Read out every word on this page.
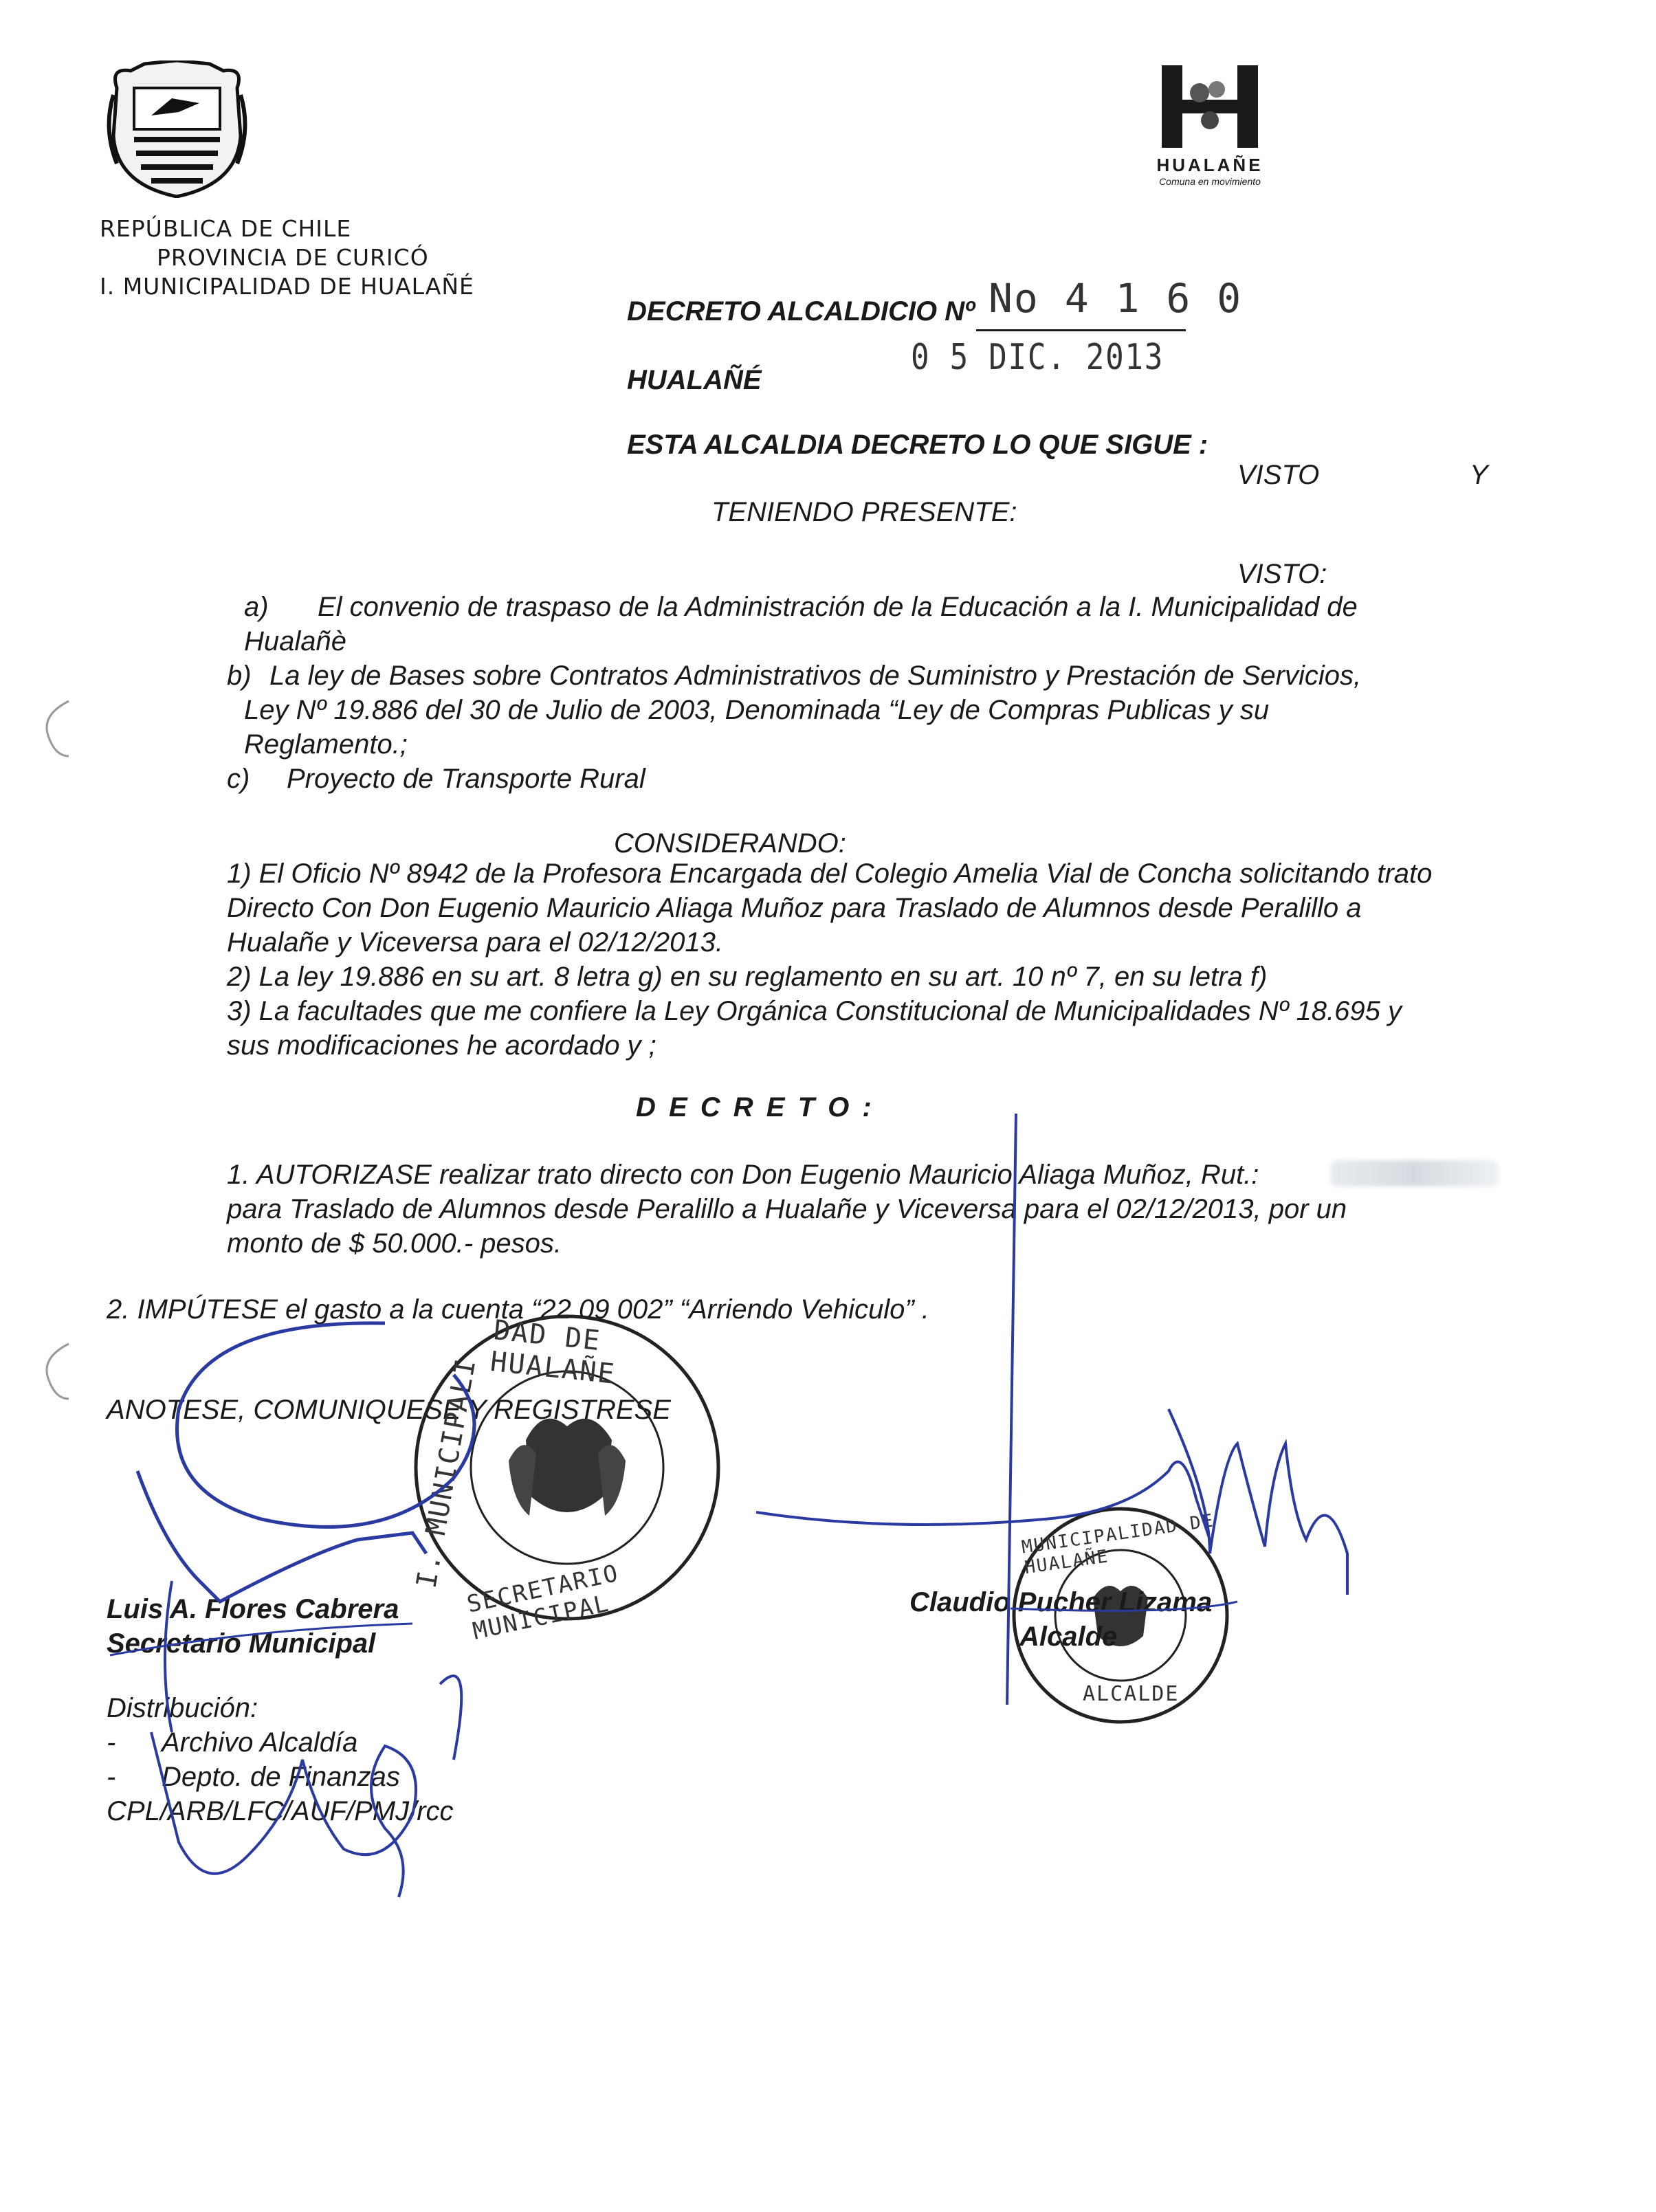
REPÚBLICA DE CHILE
PROVINCIA DE CURICÓ
I. MUNICIPALIDAD DE HUALAÑÉ
HUALAÑE
Comuna en movimiento
DECRETO ALCALDICIO Nº No 4 1 6 0
HUALAÑÉ
0 5 DIC. 2013
ESTA ALCALDIA DECRETO LO QUE SIGUE :
VISTO	Y
TENIENDO PRESENTE:
VISTO:
a) El convenio de traspaso de la Administración de la Educación a la I. Municipalidad de
Hualañè
b) La ley de Bases sobre Contratos Administrativos de Suministro y Prestación de Servicios,
Ley Nº 19.886 del 30 de Julio de 2003, Denominada “Ley de Compras Publicas y su
Reglamento.;
c) Proyecto de Transporte Rural
CONSIDERANDO:
1) El Oficio Nº 8942 de la Profesora Encargada del Colegio Amelia Vial de Concha solicitando trato
Directo Con Don Eugenio Mauricio Aliaga Muñoz para Traslado de Alumnos desde Peralillo a
Hualañe y Viceversa para el 02/12/2013.
2) La ley 19.886 en su art. 8 letra g) en su reglamento en su art. 10 nº 7, en su letra f)
3) La facultades que me confiere la Ley Orgánica Constitucional de Municipalidades Nº 18.695 y
sus modificaciones he acordado y ;
D E C R E T O :
1. AUTORIZASE realizar trato directo con Don Eugenio Mauricio Aliaga Muñoz, Rut.:
para Traslado de Alumnos desde Peralillo a Hualañe y Viceversa para el 02/12/2013, por un
monto de $ 50.000.- pesos.
2. IMPÚTESE el gasto a la cuenta “22 09 002” “Arriendo Vehiculo” .
ANOTESE, COMUNIQUESE Y REGISTRESE
DAD DE HUALAÑE
I. MUNICIPALI
SECRETARIO MUNICIPAL
MUNICIPALIDAD DE HUALAÑE
ALCALDE
Luis A. Flores Cabrera
Secretario Municipal
Claudio Pucher Lizama
Alcalde
Distribución:
- Archivo Alcaldía
- Depto. de Finanzas
CPL/ARB/LFC/AUF/PMJ/rcc
